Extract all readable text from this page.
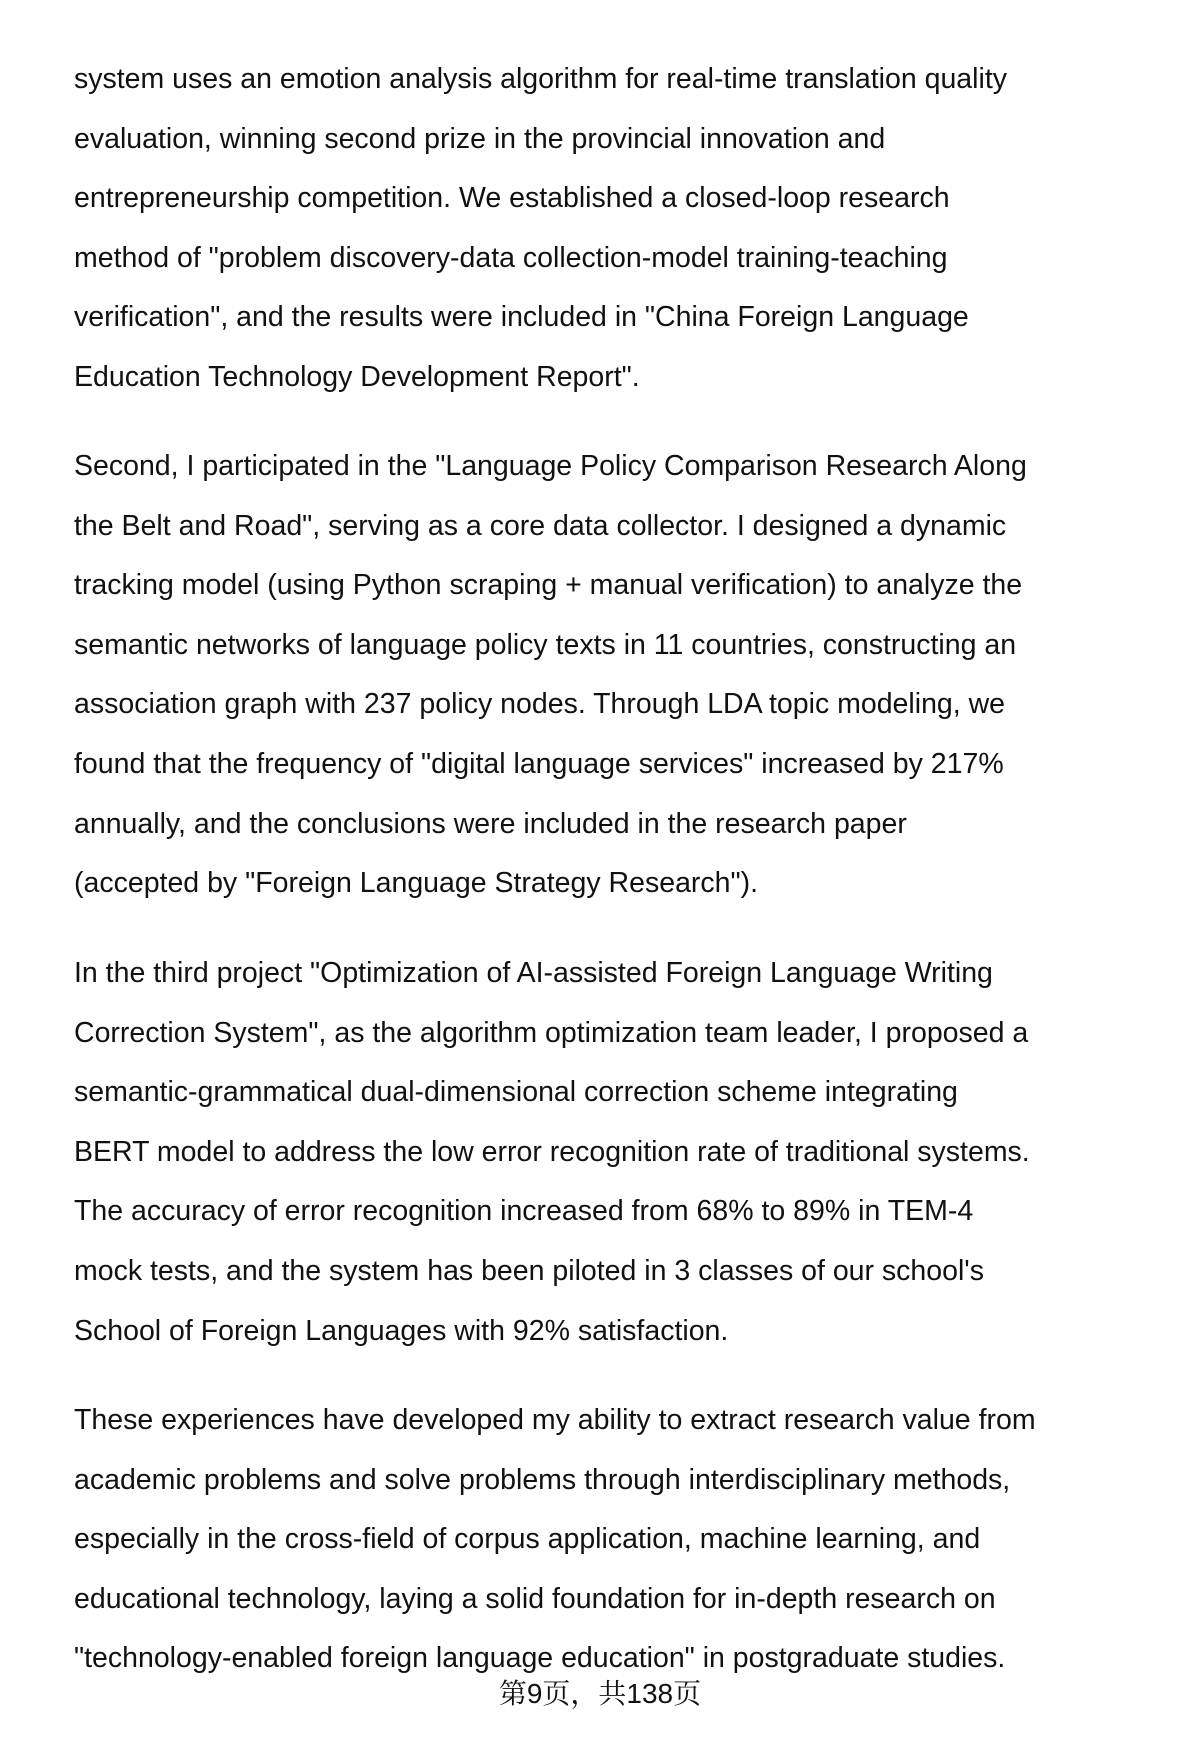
system uses an emotion analysis algorithm for real-time translation quality
evaluation, winning second prize in the provincial innovation and
entrepreneurship competition. We established a closed-loop research
method of "problem discovery-data collection-model training-teaching
verification", and the results were included in "China Foreign Language
Education Technology Development Report".
Second, I participated in the "Language Policy Comparison Research Along
the Belt and Road", serving as a core data collector. I designed a dynamic
tracking model (using Python scraping + manual verification) to analyze the
semantic networks of language policy texts in 11 countries, constructing an
association graph with 237 policy nodes. Through LDA topic modeling, we
found that the frequency of "digital language services" increased by 217%
annually, and the conclusions were included in the research paper
(accepted by "Foreign Language Strategy Research").
In the third project "Optimization of AI-assisted Foreign Language Writing
Correction System", as the algorithm optimization team leader, I proposed a
semantic-grammatical dual-dimensional correction scheme integrating
BERT model to address the low error recognition rate of traditional systems.
The accuracy of error recognition increased from 68% to 89% in TEM-4
mock tests, and the system has been piloted in 3 classes of our school's
School of Foreign Languages with 92% satisfaction.
These experiences have developed my ability to extract research value from
academic problems and solve problems through interdisciplinary methods,
especially in the cross-field of corpus application, machine learning, and
educational technology, laying a solid foundation for in-depth research on
"technology-enabled foreign language education" in postgraduate studies.
第9页，共138页
